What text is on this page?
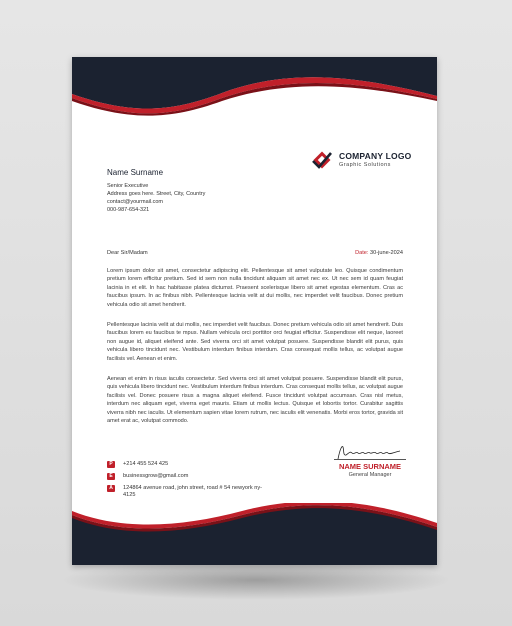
COMPANY LOGO
Graphic Solutions
Name Surname
Senior Executive
Address goes here. Street, City, Country
contact@yourmail.com
000-987-654-321
Dear Sir/Madam	Date: 30-june-2024
Lorem ipsum dolor sit amet, consectetur adipiscing elit. Pellentesque sit amet vulputate leo. Quisque condimentum pretium lorem efficitur pretium. Sed id sem non nulla tincidunt aliquam sit amet nec ex. Ut nec sem id quam feugiat lacinia in et elit. In hac habitasse platea dictumst. Praesent scelerisque libero sit amet egestas elementum. Cras ac faucibus ipsum. In ac finibus nibh. Pellentesque lacinia velit at dui mollis, nec imperdiet velit faucibus. Donec pretium vehicula odio sit amet hendrerit.
Pellentesque lacinia velit at dui mollis, nec imperdiet velit faucibus. Donec pretium vehicula odio sit amet hendrerit. Duis faucibus lorem eu faucibus te mpus. Nullam vehicula orci porttitor orci feugiat efficitur. Suspendisse elit neque, laoreet non augue id, aliquet eleifend ante. Sed viverra orci sit amet volutpat posuere. Suspendisse blandit elit purus, quis vehicula libero tincidunt nec. Vestibulum interdum finibus interdum. Cras consequat mollis tellus, ac volutpat augue facilisis vel. Aenean et enim.
Aenean et enim in risus iaculis consectetur. Sed viverra orci sit amet volutpat posuere. Suspendisse blandit elit purus, quis vehicula libero tincidunt nec. Vestibulum interdum finibus interdum. Cras consequat mollis tellus, ac volutpat augue facilisis vel. Donec posuere risus a magna aliquet eleifend. Fusce tincidunt volutpat accumsan. Cras nisl metus, interdum nec aliquam eget, viverra eget mauris. Etiam ut mollis lectus. Quisque et lobortis tortor. Curabitur sagittis viverra nibh nec iaculis. Ut elementum sapien vitae lorem rutrum, nec iaculis elit venenatis. Morbi eros tortor, gravida sit amet erat ac, volutpat commodo.
P	+214 455 524 425
E	businessgrow@gmail.com
A	124864 avenue road, john street, road # 54 newyork ny-4125
NAME SURNAME
General Manager
